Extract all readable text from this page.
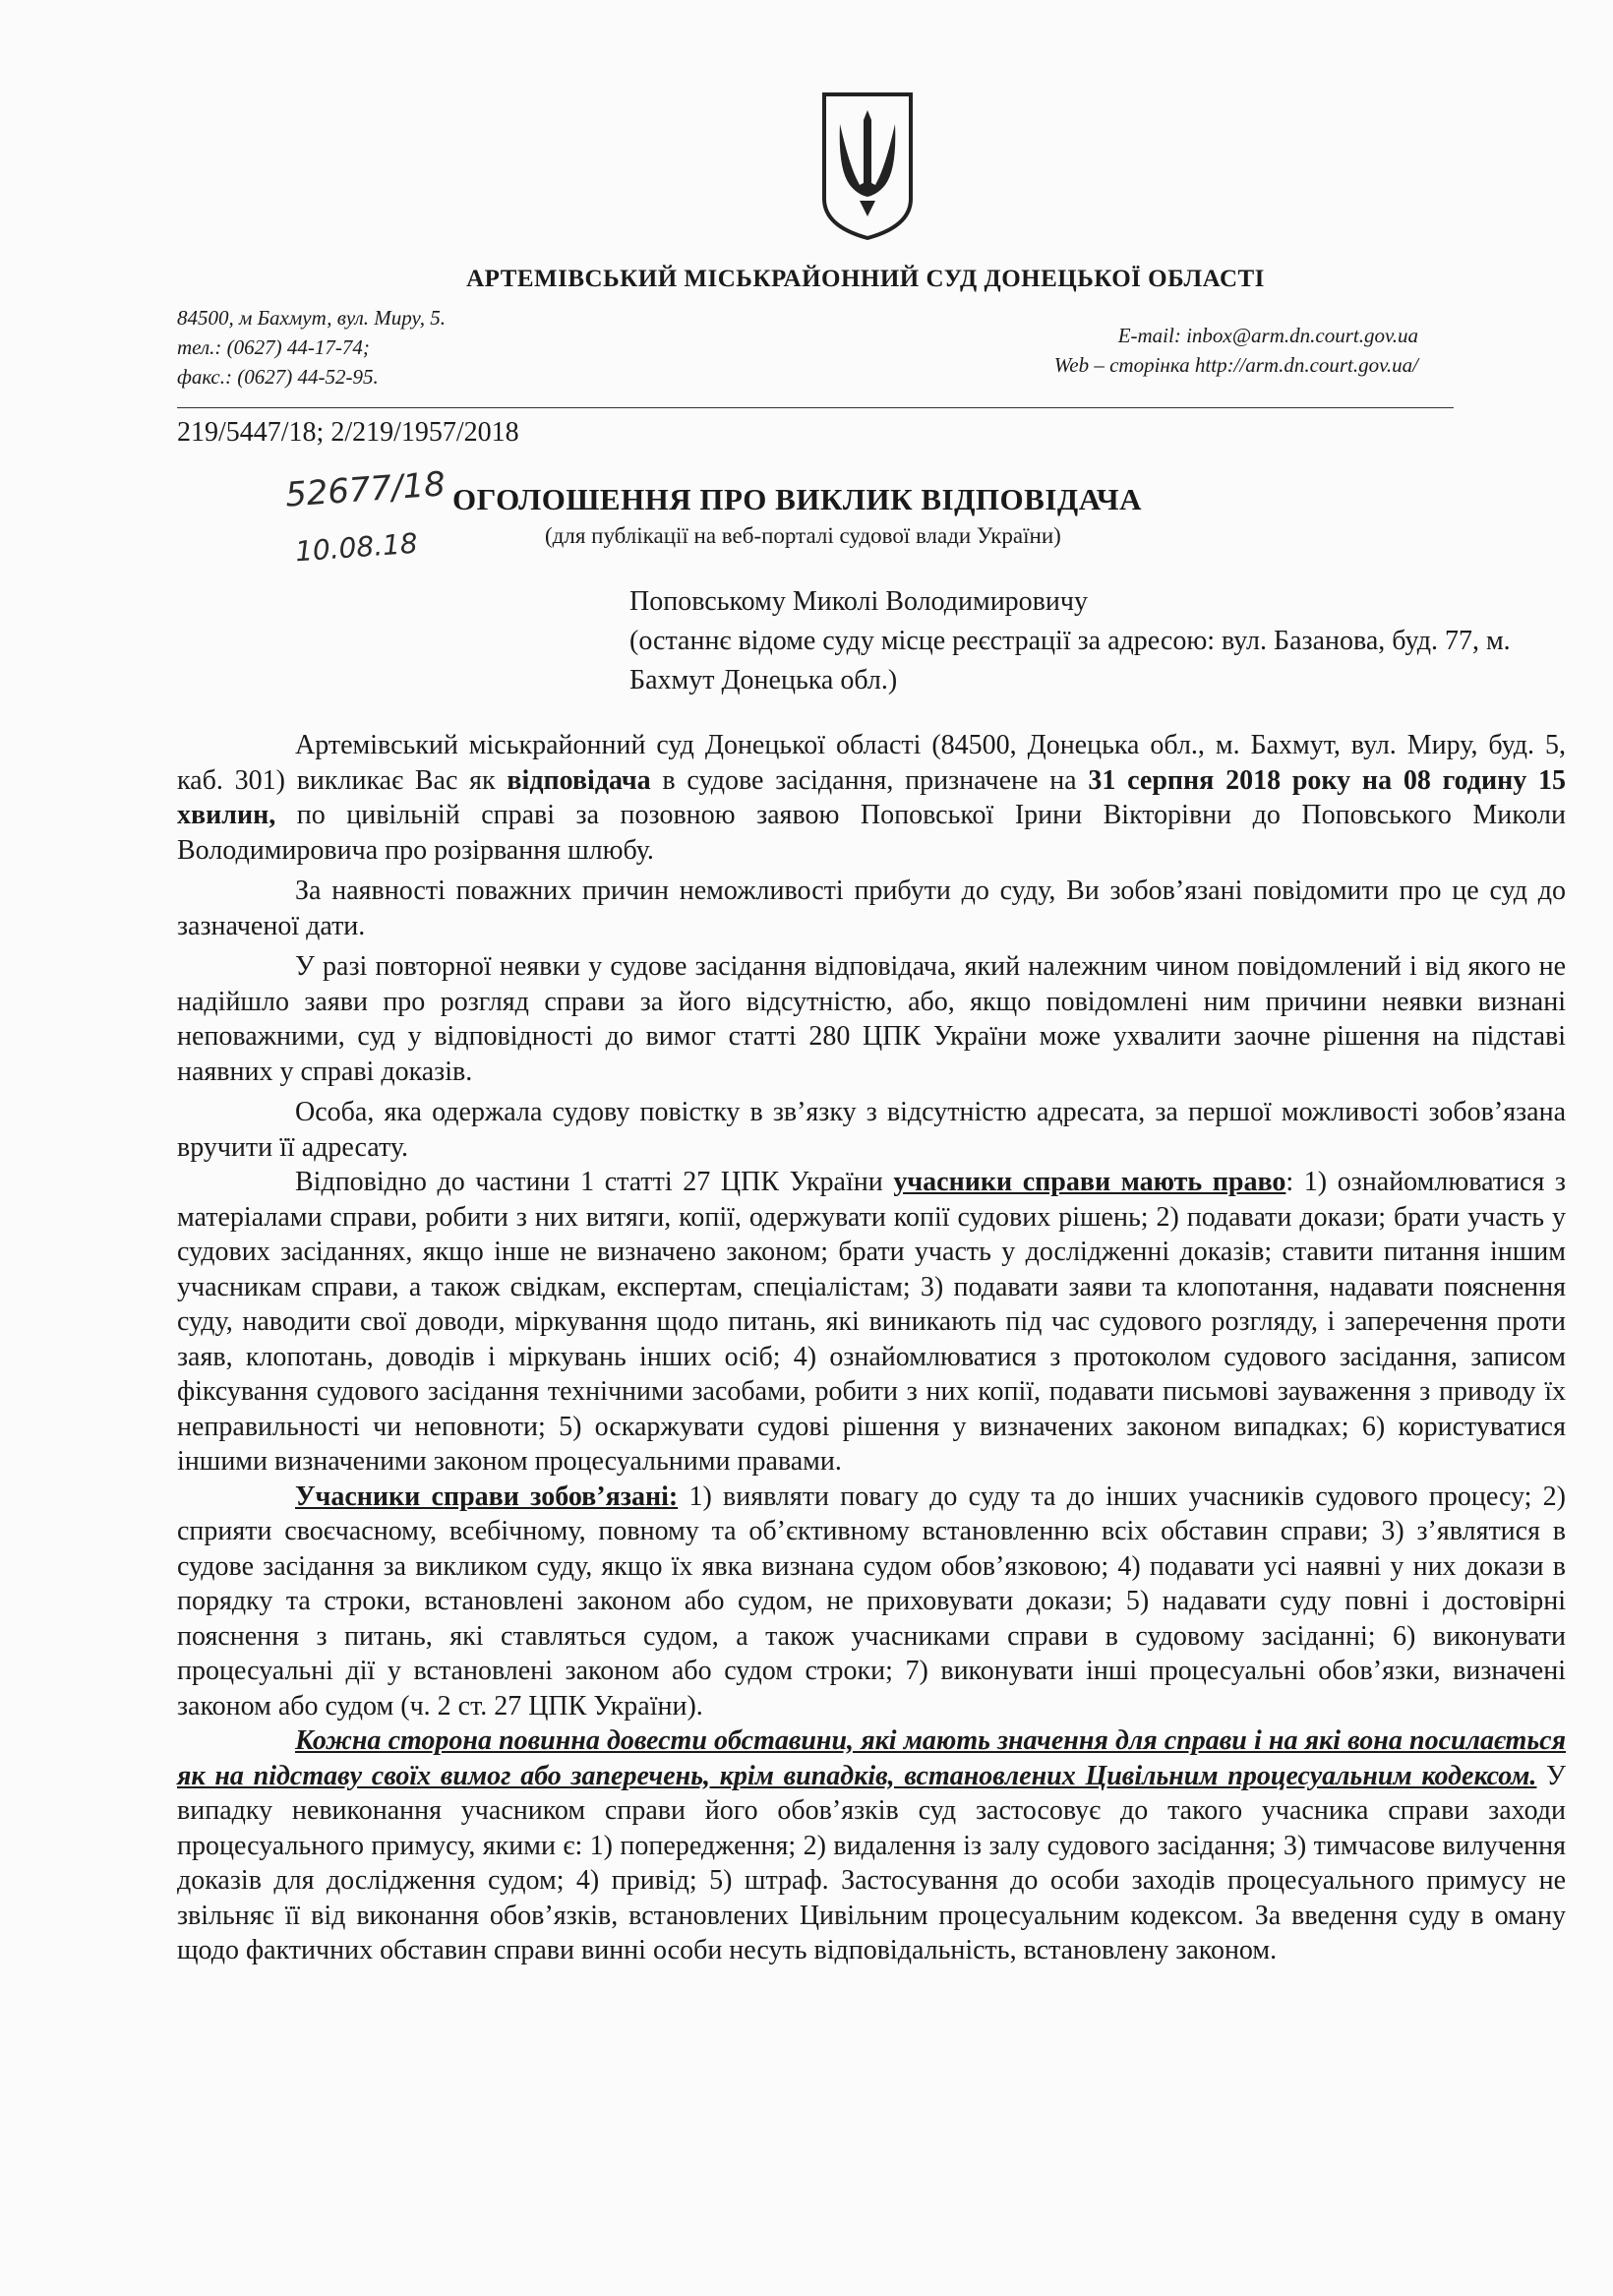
АРТЕМІВСЬКИЙ МІСЬКРАЙОННИЙ СУД ДОНЕЦЬКОЇ ОБЛАСТІ
84500, м Бахмут, вул. Миру, 5.
тел.: (0627) 44-17-74;
факс.: (0627) 44-52-95.
E-mail: inbox@arm.dn.court.gov.ua
Web – сторінка http://arm.dn.court.gov.ua/
219/5447/18; 2/219/1957/2018
52677/18
10.08.18
ОГОЛОШЕННЯ ПРО ВИКЛИК ВІДПОВІДАЧА
(для публікації на веб-порталі судової влади України)
Поповському Миколі Володимировичу
(останнє відоме суду місце реєстрації за адресою: вул. Базанова, буд. 77, м. Бахмут Донецька обл.)

Артемівський міськрайонний суд Донецької області (84500, Донецька обл., м. Бахмут, вул. Миру, буд. 5, каб. 301) викликає Вас як відповідача в судове засідання, призначене на 31 серпня 2018 року на 08 годину 15 хвилин, по цивільній справі за позовною заявою Поповської Ірини Вікторівни до Поповського Миколи Володимировича про розірвання шлюбу.

За наявності поважних причин неможливості прибути до суду, Ви зобов’язані повідомити про це суд до зазначеної дати.

У разі повторної неявки у судове засідання відповідача, який належним чином повідомлений і від якого не надійшло заяви про розгляд справи за його відсутністю, або, якщо повідомлені ним причини неявки визнані неповажними, суд у відповідності до вимог статті 280 ЦПК України може ухвалити заочне рішення на підставі наявних у справі доказів.

Особа, яка одержала судову повістку в зв’язку з відсутністю адресата, за першої можливості зобов’язана вручити її адресату.

Відповідно до частини 1 статті 27 ЦПК України учасники справи мають право: 1) ознайомлюватися з матеріалами справи, робити з них витяги, копії, одержувати копії судових рішень; 2) подавати докази; брати участь у судових засіданнях, якщо інше не визначено законом; брати участь у дослідженні доказів; ставити питання іншим учасникам справи, а також свідкам, експертам, спеціалістам; 3) подавати заяви та клопотання, надавати пояснення суду, наводити свої доводи, міркування щодо питань, які виникають під час судового розгляду, і заперечення проти заяв, клопотань, доводів і міркувань інших осіб; 4) ознайомлюватися з протоколом судового засідання, записом фіксування судового засідання технічними засобами, робити з них копії, подавати письмові зауваження з приводу їх неправильності чи неповноти; 5) оскаржувати судові рішення у визначених законом випадках; 6) користуватися іншими визначеними законом процесуальними правами.

Учасники справи зобов’язані: 1) виявляти повагу до суду та до інших учасників судового процесу; 2) сприяти своєчасному, всебічному, повному та об’єктивному встановленню всіх обставин справи; 3) з’являтися в судове засідання за викликом суду, якщо їх явка визнана судом обов’язковою; 4) подавати усі наявні у них докази в порядку та строки, встановлені законом або судом, не приховувати докази; 5) надавати суду повні і достовірні пояснення з питань, які ставляться судом, а також учасниками справи в судовому засіданні; 6) виконувати процесуальні дії у встановлені законом або судом строки; 7) виконувати інші процесуальні обов’язки, визначені законом або судом (ч. 2 ст. 27 ЦПК України).

Кожна сторона повинна довести обставини, які мають значення для справи і на які вона посилається як на підставу своїх вимог або заперечень, крім випадків, встановлених Цивільним процесуальним кодексом. У випадку невиконання учасником справи його обов’язків суд застосовує до такого учасника справи заходи процесуального примусу, якими є: 1) попередження; 2) видалення із залу судового засідання; 3) тимчасове вилучення доказів для дослідження судом; 4) привід; 5) штраф. Застосування до особи заходів процесуального примусу не звільняє її від виконання обов’язків, встановлених Цивільним процесуальним кодексом. За введення суду в оману щодо фактичних обставин справи винні особи несуть відповідальність, встановлену законом.
